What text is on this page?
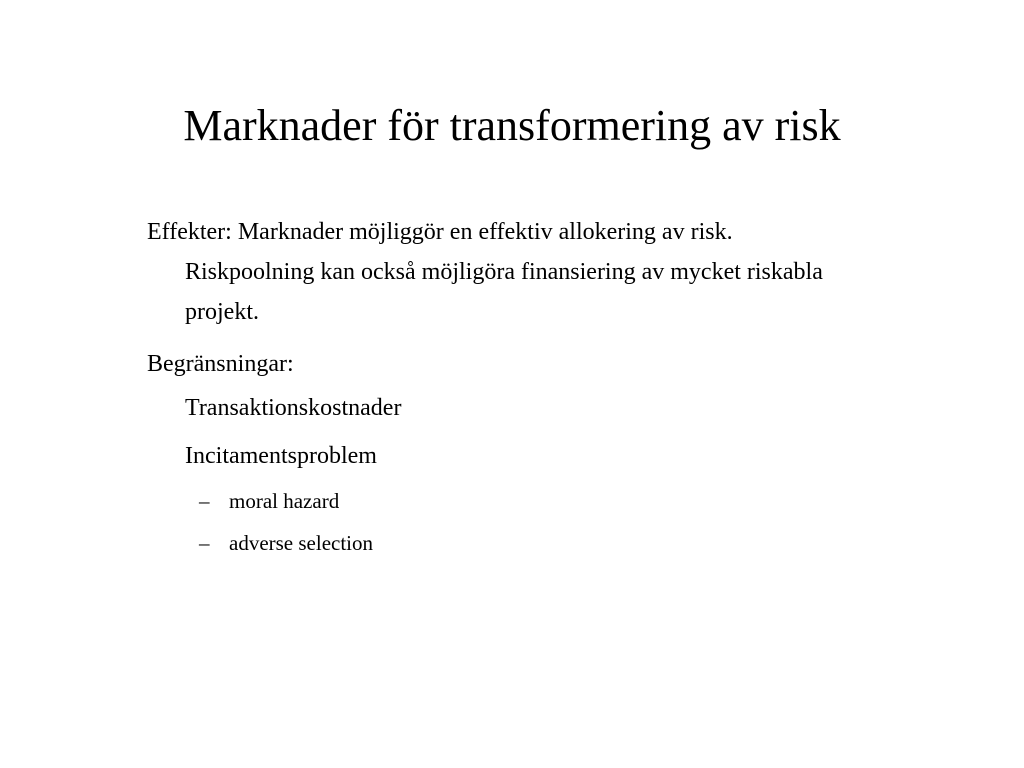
Marknader för transformering av risk

Effekter: Marknader möjliggör en effektiv allokering av risk. Riskpoolning kan också möjligöra finansiering av mycket riskabla projekt.

Begränsningar:

Transaktionskostnader

Incitamentsproblem

– moral hazard
– adverse selection
